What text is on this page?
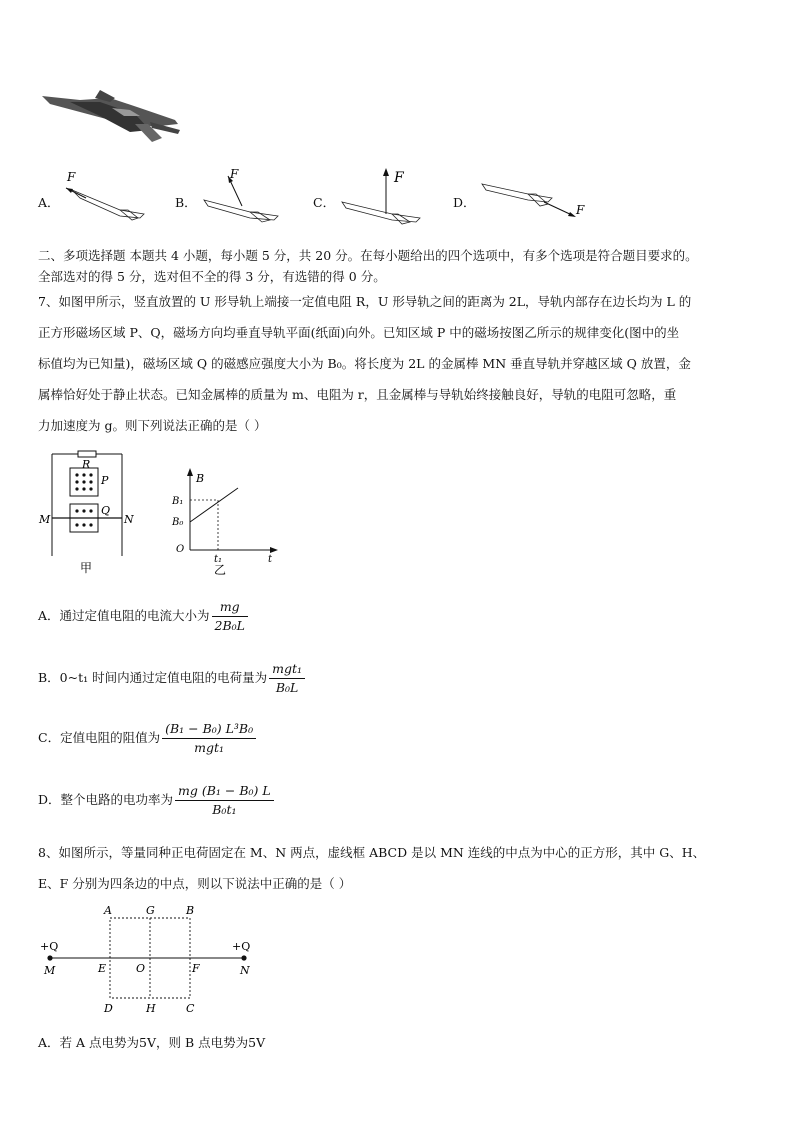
A．
F
B．
F
C．
F
D．	F
二、多项选择题 本题共 4 小题，每小题 5 分，共 20 分。在每小题给出的四个选项中，有多个选项是符合题目要求的。
全部选对的得 5 分，选对但不全的得 3 分，有选错的得 0 分。
7、如图甲所示，竖直放置的 U 形导轨上端接一定值电阻 R，U 形导轨之间的距离为 2L，导轨内部存在边长均为 L 的
正方形磁场区域 P、Q，磁场方向均垂直导轨平面(纸面)向外。已知区域 P 中的磁场按图乙所示的规律变化(图中的坐
标值均为已知量)，磁场区域 Q 的磁感应强度大小为 B₀。将长度为 2L 的金属棒 MN 垂直导轨并穿越区域 Q 放置，金
属棒恰好处于静止状态。已知金属棒的质量为 m、电阻为 r，且金属棒与导轨始终接触良好，导轨的电阻可忽略，重
力加速度为 g。则下列说法正确的是（ ）
R
P
Q
M	N
甲
B
B₁
B₀
O
t₁	t
乙
A．通过定值电阻的电流大小为 $\frac{mg}{\text{2B₀L}}$
B．0~t₁ 时间内通过定值电阻的电荷量为 $\frac{\text{mgt₁}}{\text{B₀L}}$
C．定值电阻的阻值为 $\frac{\text{(B₁ − B₀) L³B₀}}{\text{mgt₁}}$
D．整个电路的电功率为 $\frac{\text{mg (B₁ − B₀) L}}{\text{B₀t₁}}$
8、如图所示，等量同种正电荷固定在 M、N 两点，虚线框 ABCD 是以 MN 连线的中点为中心的正方形，其中 G、H、
E、F 分别为四条边的中点，则以下说法中正确的是（ ）
A	G	B
+Q	+Q
M	E	O	F	N
D	H	C
A．若 A 点电势为5V，则 B 点电势为5V
